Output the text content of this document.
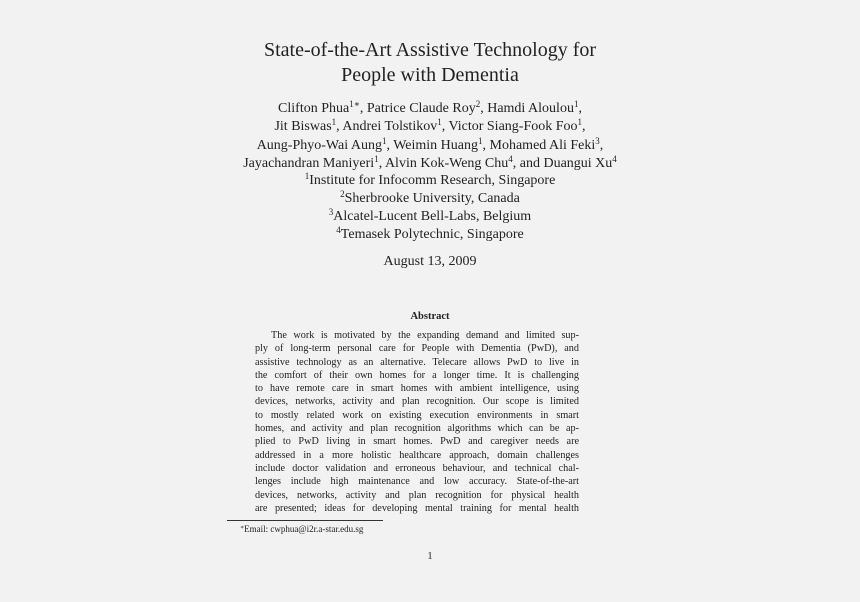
State-of-the-Art Assistive Technology for
People with Dementia
Clifton Phua$^{1∗}$, Patrice Claude Roy$^2$, Hamdi Aloulou$^1$,
Jit Biswas$^1$, Andrei Tolstikov$^1$, Victor Siang-Fook Foo$^1$,
Aung-Phyo-Wai Aung$^1$, Weimin Huang$^1$, Mohamed Ali Feki$^3$,
Jayachandran Maniyeri$^1$, Alvin Kok-Weng Chu$^4$, and Duangui Xu$^4$
$^1$Institute for Infocomm Research, Singapore
$^2$Sherbrooke University, Canada
$^3$Alcatel-Lucent Bell-Labs, Belgium
$^4$Temasek Polytechnic, Singapore
August 13, 2009
Abstract
The work is motivated by the expanding demand and limited sup-
ply of long-term personal care for People with Dementia (PwD), and
assistive technology as an alternative. Telecare allows PwD to live in
the comfort of their own homes for a longer time. It is challenging
to have remote care in smart homes with ambient intelligence, using
devices, networks, activity and plan recognition. Our scope is limited
to mostly related work on existing execution environments in smart
homes, and activity and plan recognition algorithms which can be ap-
plied to PwD living in smart homes. PwD and caregiver needs are
addressed in a more holistic healthcare approach, domain challenges
include doctor validation and erroneous behaviour, and technical chal-
lenges include high maintenance and low accuracy. State-of-the-art
devices, networks, activity and plan recognition for physical health
are presented; ideas for developing mental training for mental health
∗Email: cwphua@i2r.a-star.edu.sg
1
